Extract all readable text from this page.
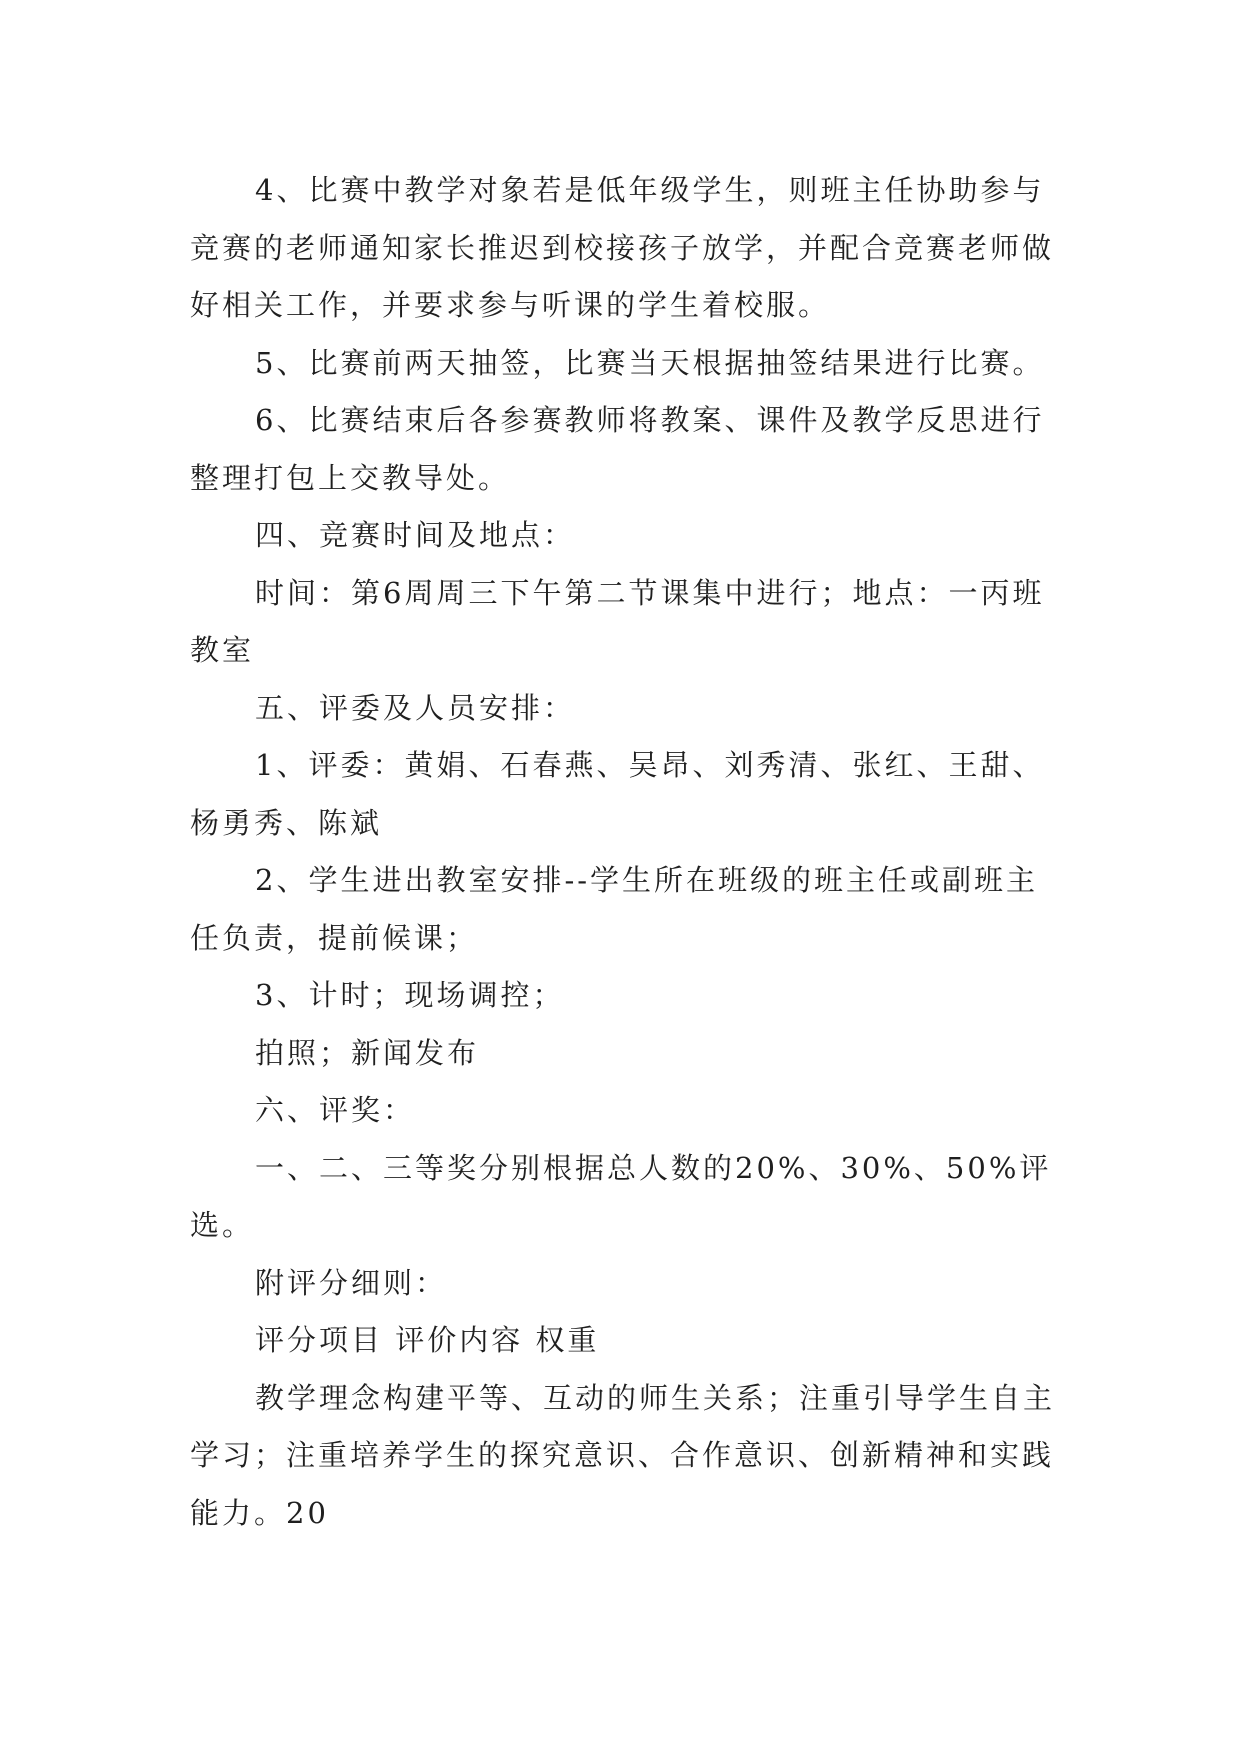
4、比赛中教学对象若是低年级学生，则班主任协助参与竞赛的老师通知家长推迟到校接孩子放学，并配合竞赛老师做好相关工作，并要求参与听课的学生着校服。

5、比赛前两天抽签，比赛当天根据抽签结果进行比赛。

6、比赛结束后各参赛教师将教案、课件及教学反思进行整理打包上交教导处。

四、竞赛时间及地点：

时间：第6周周三下午第二节课集中进行；地点：一丙班教室

五、评委及人员安排：

1、评委：黄娟、石春燕、吴昂、刘秀清、张红、王甜、杨勇秀、陈斌

2、学生进出教室安排--学生所在班级的班主任或副班主任负责，提前候课；

3、计时；现场调控；

拍照；新闻发布

六、评奖：

一、二、三等奖分别根据总人数的20%、30%、50%评选。

附评分细则：

评分项目 评价内容 权重

教学理念构建平等、互动的师生关系；注重引导学生自主学习；注重培养学生的探究意识、合作意识、创新精神和实践能力。20
